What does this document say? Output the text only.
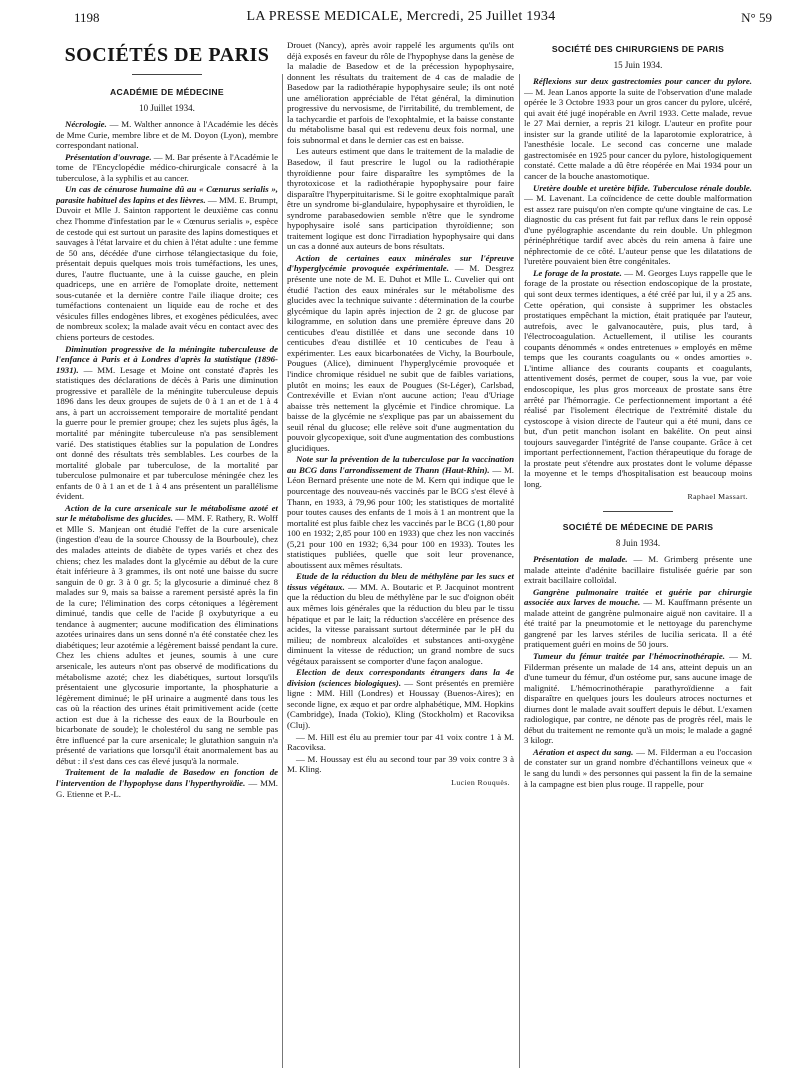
1198	LA PRESSE MEDICALE, Mercredi, 25 Juillet 1934	N° 59
SOCIÉTÉS DE PARIS
ACADÉMIE DE MÉDECINE
10 Juillet 1934.

Nécrologie. — M. Walther annonce à l'Académie les décès de Mme Curie, membre libre et de M. Doyon (Lyon), membre correspondant national.

Présentation d'ouvrage. — M. Bar présente à l'Académie le tome de l'Encyclopédie médico-chirurgicale consacré à la tuberculose, à la syphilis et au cancer.

Un cas de cénurose humaine dû au « Cœnurus serialis », parasite habituel des lapins et des lièvres. — MM. E. Brumpt, Duvoir et Mlle J. Sainton rapportent le deuxième cas connu chez l'homme d'infestation par le « Cœnurus serialis », espèce de cestode qui est surtout un parasite des lapins domestiques et sauvages à l'état larvaire et du chien à l'état adulte : une femme de 50 ans, décédée d'une cirrhose télangiectasique du foie, présentait depuis quelques mois trois tuméfactions, les unes, dures, l'autre fluctuante, une à la cuisse gauche, en plein quadriceps, une en arrière de l'omoplate droite, nettement sous-cutanée et la dernière contre l'aile iliaque droite; ces tuméfactions contenaient un liquide eau de roche et des vésicules filles endogènes libres, et exogènes pédiculées, avec de nombreux scolex; la malade avait vécu en contact avec des chiens porteurs de cestodes.

Diminution progressive de la méningite tuberculeuse de l'enfance à Paris et à Londres d'après la statistique (1896-1931). — MM. Lesage et Moine ont constaté d'après les statistiques des déclarations de décès à Paris une diminution progressive et parallèle de la méningite tuberculeuse depuis 1896 dans les deux groupes de sujets de 0 à 1 an et de 1 à 4 ans, à part un accroissement temporaire de mortalité pendant la guerre pour le premier groupe; chez les sujets plus âgés, la mortalité par méningite tuberculeuse n'a pas sensiblement varié. Des statistiques établies sur la population de Londres ont donné des résultats très semblables. Les courbes de la mortalité globale par tuberculose, de la mortalité par tuberculose pulmonaire et par tuberculose méningée chez les enfants de 0 à 1 an et de 1 à 4 ans présentent un parallélisme évident.

Action de la cure arsenicale sur le métabolisme azoté et sur le métabolisme des glucides. — MM. F. Rathery, R. Wolff et Mlle S. Manjean ont étudié l'effet de la cure arsenicale (ingestion d'eau de la source Choussy de la Bourboule), chez des malades atteints de diabète de types variés et chez des chiens; chez les malades dont la glycémie au début de la cure était inférieure à 3 grammes, ils ont noté une baisse du sucre sanguin de 0 gr. 3 à 0 gr. 5; la glycosurie a diminué chez 8 malades sur 9, mais sa baisse a rarement persisté après la fin de la cure; l'élimination des corps cétoniques a légèrement diminué, tandis que celle de l'acide β oxybutyrique a eu tendance à augmenter; aucune modification des éliminations azotées urinaires dans un sens donné n'a été constatée chez les diabétiques; leur azotémie a légèrement baissé pendant la cure. Chez les chiens adultes et jeunes, soumis à une cure arsenicale, les auteurs n'ont pas observé de modifications du métabolisme azoté; chez les diabétiques, surtout lorsqu'ils présentaient une glycosurie importante, la phosphaturie a légèrement diminué; le pH urinaire a augmenté dans tous les cas où la réaction des urines était primitivement acide (cette action est due à la richesse des eaux de la Bourboule en bicarbonate de soude); le cholestérol du sang ne semble pas être influencé par la cure arsenicale; le glutathion sanguin n'a présenté de variations que lorsqu'il était anormalement bas au début : il s'est dans ces cas élevé jusqu'à la normale.

Traitement de la maladie de Basedow en fonction de l'intervention de l'hypophyse dans l'hyperthyroïdie. — MM. G. Etienne et P.-L.

Drouet (Nancy), après avoir rappelé les arguments qu'ils ont déjà exposés en faveur du rôle de l'hypophyse dans la genèse de la maladie de Basedow et de la précession hypophysaire, donnent les résultats du traitement de 4 cas de maladie de Basedow par la radiothérapie hypophysaire seule; ils ont noté une amélioration appréciable de l'état général, la diminution progressive du nervosisme, de l'irritabilité, du tremblement, de la tachycardie et parfois de l'exophtalmie, et la baisse constante du métabolisme basal qui est redevenu deux fois normal, une fois subnormal et dans le dernier cas est en baisse.

Les auteurs estiment que dans le traitement de la maladie de Basedow, il faut prescrire le lugol ou la radiothérapie thyroïdienne pour faire disparaître les symptômes de la thyrotoxicose et la radiothérapie hypophysaire pour faire disparaître l'hyperpituitarisme. Si le goitre exophtalmique paraît être un syndrome bi-glandulaire, hypophysaire et thyroïdien, le syndrome parabasedowien semble n'être que le syndrome hypophysaire isolé sans participation thyroïdienne; son traitement logique est donc l'irradiation hypophysaire qui dans un cas a donné aux auteurs de bons résultats.

Action de certaines eaux minérales sur l'épreuve d'hyperglycémie provoquée expérimentale. — M. Desgrez présente une note de M. E. Duhot et Mlle L. Cuvelier qui ont étudié l'action des eaux minérales sur le métabolisme des glucides avec la technique suivante : détermination de la courbe glycémique du lapin après injection de 2 gr. de glucose par kilogramme, en solution dans une première épreuve dans 20 centicubes d'eau distillée et dans une seconde dans 10 centicubes d'eau distillée et 10 centicubes de l'eau à expérimenter. Les eaux bicarbonatées de Vichy, la Bourboule, Pougues (Alice), diminuent l'hyperglycémie provoquée et l'indice chromique résiduel ne subit que de faibles variations, plutôt en moins; les eaux de Pougues (St-Léger), Carlsbad, Contrexéville et Evian n'ont aucune action; l'eau d'Uriage abaisse très nettement la glycémie et l'indice chromique. La baisse de la glycémie ne s'explique pas par un abaissement du seuil rénal du glucose; elle relève soit d'une augmentation du pouvoir glycopexique, soit d'une augmentation des combustions glucidiques.

Note sur la prévention de la tuberculose par la vaccination au BCG dans l'arrondissement de Thann (Haut-Rhin). — M. Léon Bernard présente une note de M. Kern qui indique que le pourcentage des nouveau-nés vaccinés par le BCG s'est élevé à Thann, en 1933, à 79,96 pour 100; les statistiques de mortalité pour toutes causes des enfants de 1 mois à 1 an montrent que la mortalité est plus faible chez les vaccinés par le BCG (1,80 pour 100 en 1932; 2,85 pour 100 en 1933) que chez les non vaccinés (5,21 pour 100 en 1932; 6,34 pour 100 en 1933). Toutes les statistiques publiées, quelle que soit leur provenance, aboutissent aux mêmes résultats.

Etude de la réduction du bleu de méthylène par les sucs et tissus végétaux. — MM. A. Boutaric et P. Jacquinot montrent que la réduction du bleu de méthylène par le suc d'oignon obéit aux mêmes lois générales que la réduction du bleu par le tissu hépatique et par le lait; la réduction s'accélère en présence des acides, la vitesse paraissant surtout déterminée par le pH du milieu; de nombreux alcaloïdes et substances anti-oxygène diminuent la vitesse de réduction; un grand nombre de sucs végétaux paraissent se comporter d'une façon analogue.

Election de deux correspondants étrangers dans la 4e division (sciences biologiques). — Sont présentés en première ligne : MM. Hill (Londres) et Houssay (Buenos-Aires); en seconde ligne, ex æquo et par ordre alphabétique, MM. Hopkins (Cambridge), Inada (Tokio), Kling (Stockholm) et Racoviksa (Cluj).

— M. Hill est élu au premier tour par 41 voix contre 1 à M. Racoviksa.

— M. Houssay est élu au second tour par 39 voix contre 3 à M. Kling.

Lucien Rouquès.
SOCIÉTÉ DES CHIRURGIENS DE PARIS
15 Juin 1934.

Réflexions sur deux gastrectomies pour cancer du pylore. — M. Jean Lanos apporte la suite de l'observation d'une malade opérée le 3 Octobre 1933 pour un gros cancer du pylore, ulcéré, qui avait été jugé inopérable en Avril 1933. Cette malade, revue le 27 Mai dernier, a repris 21 kilogr. L'auteur en profite pour insister sur la grande utilité de la laparotomie exploratrice, à l'anesthésie locale. Le second cas concerne une malade gastrectomisée en 1925 pour cancer du pylore, histologiquement constaté. Cette malade a dû être réopérée en Mai 1934 pour un cancer de la bouche anastomotique.

Uretère double et uretère bifide. Tuberculose rénale double. — M. Lavenant. La coïncidence de cette double malformation est assez rare puisqu'on n'en compte qu'une vingtaine de cas. Le diagnostic du cas présent fut fait par reflux dans le rein opposé d'une pyélographie ascendante du rein double. Un phlegmon périnéphrétique tardif avec abcès du rein amena à faire une néphrectomie de ce côté. L'auteur pense que les dilatations de l'uretère pouvaient bien être congénitales.

Le forage de la prostate. — M. Georges Luys rappelle que le forage de la prostate ou résection endoscopique de la prostate, qui sont deux termes identiques, a été créé par lui, il y a 25 ans. Cette opération, qui consiste à supprimer les obstacles prostatiques empêchant la miction, était pratiquée par l'auteur, autrefois, avec le galvanocautère, puis, plus tard, à l'électrocoagulation. Actuellement, il utilise les courants coupants dénommés « ondes entretenues » employés en même temps que les courants coagulants ou « ondes amorties ». L'intime alliance des courants coupants et coagulants, attentivement dosés, permet de couper, sous la vue, par voie endoscopique, les plus gros morceaux de prostate sans être arrêté par l'hémorragie. Ce perfectionnement important a été réalisé par l'isolement électrique de l'extrémité distale du cystoscope à vision directe de l'auteur qui a été muni, dans ce but, d'un petit manchon isolant en bakélite. On peut ainsi toujours sauvegarder l'intégrité de l'anse coupante. Grâce à cet important perfectionnement, l'action thérapeutique du forage de la prostate peut s'étendre aux prostates dont le volume dépasse la moyenne et le temps d'hospitalisation est beaucoup moins long.

Raphael Massart.
SOCIÉTÉ DE MÉDECINE DE PARIS
8 Juin 1934.

Présentation de malade. — M. Grimberg présente une malade atteinte d'adénite bacillaire fistulisée guérie par son extrait bacillaire colloïdal.

Gangrène pulmonaire traitée et guérie par chirurgie associée aux larves de mouche. — M. Kauffmann présente un malade atteint de gangrène pulmonaire aiguë non cavitaire. Il a été traité par la pneumotomie et le nettoyage du parenchyme gangrené par les larves stériles de lucilia sericata. Il a été pratiquement guéri en moins de 50 jours.

Tumeur du fémur traitée par l'hémocrinothérapie. — M. Filderman présente un malade de 14 ans, atteint depuis un an d'une tumeur du fémur, d'un ostéome pur, sans aucune image de malignité. L'hémocrinothérapie parathyroïdienne a fait disparaître en quelques jours les douleurs atroces nocturnes et diurnes dont le malade avait souffert depuis le début. L'examen radiologique, par contre, ne dénote pas de progrès réel, mais le début du traitement ne remonte qu'à un mois; le malade a gagné 3 kilogr.

Aération et aspect du sang. — M. Filderman a eu l'occasion de constater sur un grand nombre d'échantillons veineux que « le sang du lundi » des personnes qui passent la fin de la semaine à la campagne est bien plus rouge. Il rappelle, pour
